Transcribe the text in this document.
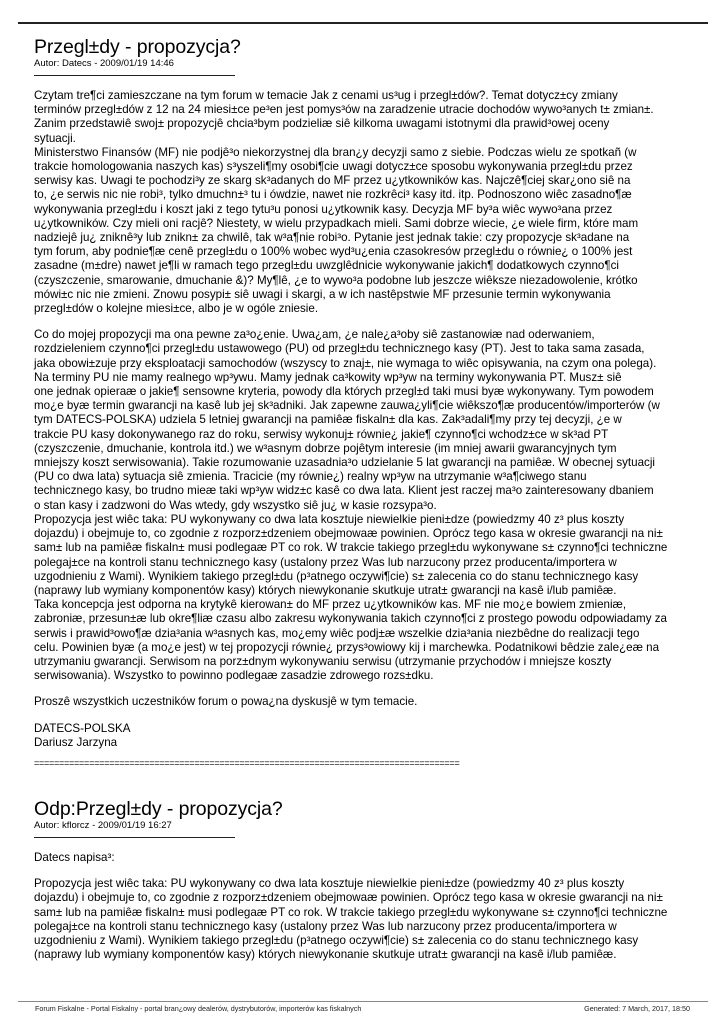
Przegl±dy - propozycja?

Autor: Datecs - 2009/01/19 14:46

Czytam tre¶ci zamieszczane na tym forum w temacie Jak z cenami us³ug i przegl±dów?. Temat dotycz±cy zmiany

terminów przegl±dów z 12 na 24 miesi±ce pe³en jest pomys³ów na zaradzenie utracie dochodów wywo³anych t± zmian±.

Zanim przedstawiê swoj± propozycjê chcia³bym podzieliæ siê kilkoma uwagami istotnymi dla prawid³owej oceny

sytuacji.

Ministerstwo Finansów (MF) nie podjê³o niekorzystnej dla bran¿y decyzji samo z siebie. Podczas wielu ze spotkañ (w

trakcie homologowania naszych kas) s³yszeli¶my osobi¶cie uwagi dotycz±ce sposobu wykonywania przegl±du przez

serwisy kas. Uwagi te pochodzi³y ze skarg sk³adanych do MF przez u¿ytkowników kas. Najczê¶ciej skar¿ono siê na

to, ¿e serwis nic nie robi³, tylko dmuchn±³ tu i ówdzie, nawet nie rozkrêci³ kasy itd. itp. Podnoszono wiêc zasadno¶æ

wykonywania przegl±du i koszt jaki z tego tytu³u ponosi u¿ytkownik kasy. Decyzja MF by³a wiêc wywo³ana przez

u¿ytkowników. Czy mieli oni racjê? Niestety, w wielu przypadkach mieli. Sami dobrze wiecie, ¿e wiele firm, które mam

nadziejê ju¿ zniknê³y lub znikn± za chwilê, tak w³a¶nie robi³o. Pytanie jest jednak takie: czy propozycje sk³adane na

tym forum, aby podnie¶æ cenê przegl±du o 100% wobec wyd³u¿enia czasokresów przegl±du o równie¿ o 100% jest

zasadne (m±dre) nawet je¶li w ramach tego przegl±du uwzglêdnicie wykonywanie jakich¶ dodatkowych czynno¶ci

(czyszczenie, smarowanie, dmuchanie &)? My¶lê, ¿e to wywo³a podobne lub jeszcze wiêksze niezadowolenie, krótko

mówi±c nic nie zmieni. Znowu posypi± siê uwagi i skargi, a w ich nastêpstwie MF przesunie termin wykonywania

przegl±dów o kolejne miesi±ce, albo je w ogóle zniesie.

Co do mojej propozycji ma ona pewne za³o¿enie. Uwa¿am, ¿e nale¿a³oby siê zastanowiæ nad oderwaniem,

rozdzieleniem czynno¶ci przegl±du ustawowego (PU) od przegl±du technicznego kasy (PT). Jest to taka sama zasada,

jaka obowi±zuje przy eksploatacji samochodów (wszyscy to znaj±, nie wymaga to wiêc opisywania, na czym ona polega).

Na terminy PU nie mamy realnego wp³ywu. Mamy jednak ca³kowity wp³yw na terminy wykonywania PT. Musz± siê

one jednak opieraæ o jakie¶ sensowne kryteria, powody dla których przegl±d taki musi byæ wykonywany. Tym powodem

mo¿e byæ termin gwarancji na kasê lub jej sk³adniki. Jak zapewne zauwa¿yli¶cie wiêkszo¶æ producentów/importerów (w

tym DATECS-POLSKA) udziela 5 letniej gwarancji na pamiêæ fiskaln± dla kas. Zak³adali¶my przy tej decyzji, ¿e w

trakcie PU kasy dokonywanego raz do roku, serwisy wykonuj± równie¿ jakie¶ czynno¶ci wchodz±ce w sk³ad PT

(czyszczenie, dmuchanie, kontrola itd.) we w³asnym dobrze pojêtym interesie (im mniej awarii gwarancyjnych tym

mniejszy koszt serwisowania). Takie rozumowanie uzasadnia³o udzielanie 5 lat gwarancji na pamiêæ. W obecnej sytuacji

(PU co dwa lata) sytuacja siê zmienia. Tracicie (my równie¿) realny wp³yw na utrzymanie w³a¶ciwego stanu

technicznego kasy, bo trudno mieæ taki wp³yw widz±c kasê co dwa lata. Klient jest raczej ma³o zainteresowany dbaniem

o stan kasy i zadzwoni do Was wtedy, gdy wszystko siê ju¿ w kasie rozsypa³o.

Propozycja jest wiêc taka: PU wykonywany co dwa lata kosztuje niewielkie pieni±dze (powiedzmy 40 z³ plus koszty

dojazdu) i obejmuje to, co zgodnie z rozporz±dzeniem obejmowaæ powinien. Oprócz tego kasa w okresie gwarancji na ni±

sam± lub na pamiêæ fiskaln± musi podlegaæ PT co rok. W trakcie takiego przegl±du wykonywane s± czynno¶ci techniczne

polegaj±ce na kontroli stanu technicznego kasy (ustalony przez Was lub narzucony przez producenta/importera w

uzgodnieniu z Wami). Wynikiem takiego przegl±du (p³atnego oczywi¶cie) s± zalecenia co do stanu technicznego kasy

(naprawy lub wymiany komponentów kasy) których niewykonanie skutkuje utrat± gwarancji na kasê i/lub pamiêæ.

Taka koncepcja jest odporna na krytykê kierowan± do MF przez u¿ytkowników kas. MF nie mo¿e bowiem zmieniæ,

zabroniæ, przesun±æ lub okre¶liæ czasu albo zakresu wykonywania takich czynno¶ci z prostego powodu odpowiadamy za

serwis i prawid³owo¶æ dzia³ania w³asnych kas, mo¿emy wiêc podj±æ wszelkie dzia³ania niezbêdne do realizacji tego

celu. Powinien byæ (a mo¿e jest) w tej propozycji równie¿ przys³owiowy kij i marchewka. Podatnikowi bêdzie zale¿eæ na

utrzymaniu gwarancji. Serwisom na porz±dnym wykonywaniu serwisu (utrzymanie przychodów i mniejsze koszty

serwisowania). Wszystko to powinno podlegaæ zasadzie zdrowego rozs±dku.

Proszê wszystkich uczestników forum o powa¿na dyskusjê w tym temacie.

DATECS-POLSKA

Dariusz Jarzyna

=====================================================================================
Odp:Przegl±dy - propozycja?

Autor: kflorcz - 2009/01/19 16:27

Datecs napisa³:

Propozycja jest wiêc taka: PU wykonywany co dwa lata kosztuje niewielkie pieni±dze (powiedzmy 40 z³ plus koszty

dojazdu) i obejmuje to, co zgodnie z rozporz±dzeniem obejmowaæ powinien. Oprócz tego kasa w okresie gwarancji na ni±

sam± lub na pamiêæ fiskaln± musi podlegaæ PT co rok. W trakcie takiego przegl±du wykonywane s± czynno¶ci techniczne

polegaj±ce na kontroli stanu technicznego kasy (ustalony przez Was lub narzucony przez producenta/importera w

uzgodnieniu z Wami). Wynikiem takiego przegl±du (p³atnego oczywi¶cie) s± zalecenia co do stanu technicznego kasy

(naprawy lub wymiany komponentów kasy) których niewykonanie skutkuje utrat± gwarancji na kasê i/lub pamiêæ.

Forum Fiskalne - Portal Fiskalny - portal bran¿owy dealerów, dystrybutorów, importerów kas fiskalnych	Generated: 7 March, 2017, 18:50
